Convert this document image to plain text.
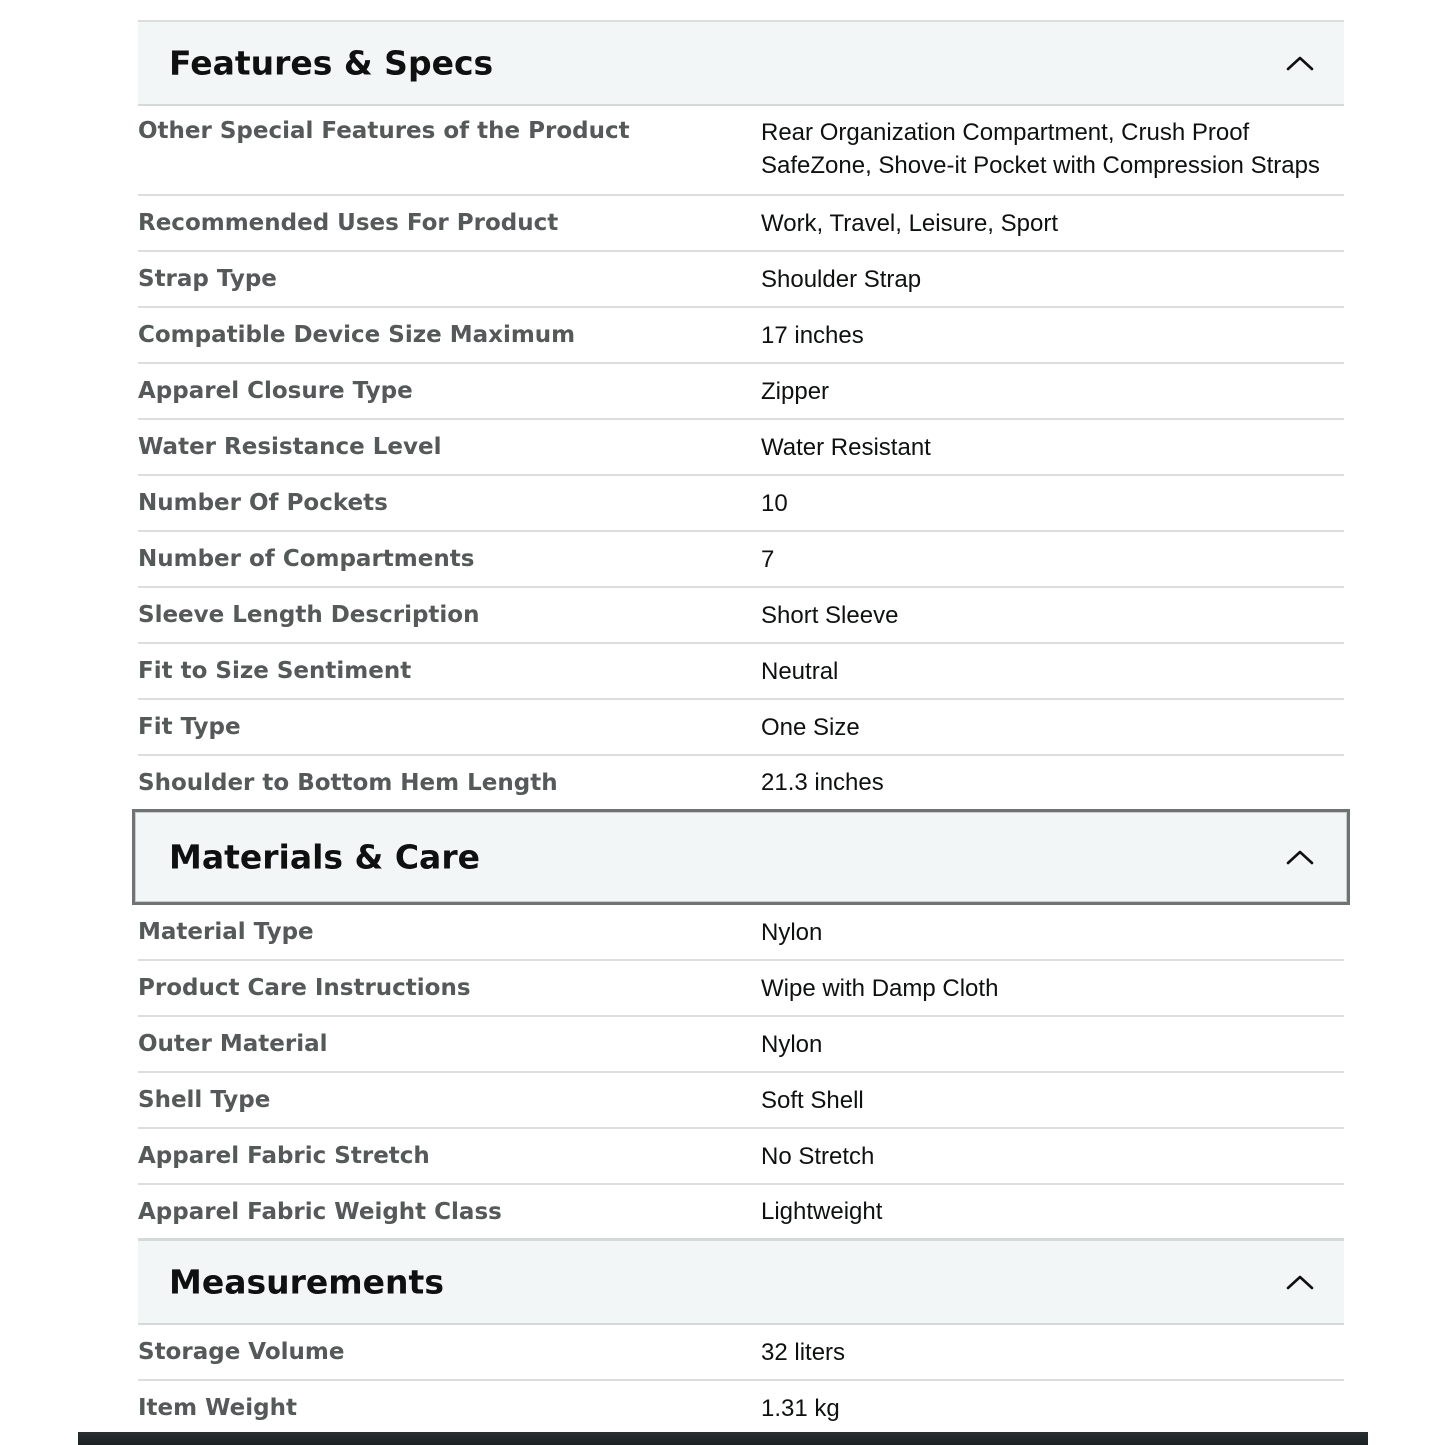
Features & Specs
Other Special Features of the Product	Rear Organization Compartment, Crush Proof SafeZone, Shove-it Pocket with Compression Straps
Recommended Uses For Product	Work, Travel, Leisure, Sport
Strap Type	Shoulder Strap
Compatible Device Size Maximum	17 inches
Apparel Closure Type	Zipper
Water Resistance Level	Water Resistant
Number Of Pockets	10
Number of Compartments	7
Sleeve Length Description	Short Sleeve
Fit to Size Sentiment	Neutral
Fit Type	One Size
Shoulder to Bottom Hem Length	21.3 inches
Materials & Care
Material Type	Nylon
Product Care Instructions	Wipe with Damp Cloth
Outer Material	Nylon
Shell Type	Soft Shell
Apparel Fabric Stretch	No Stretch
Apparel Fabric Weight Class	Lightweight
Measurements
Storage Volume	32 liters
Item Weight	1.31 kg
